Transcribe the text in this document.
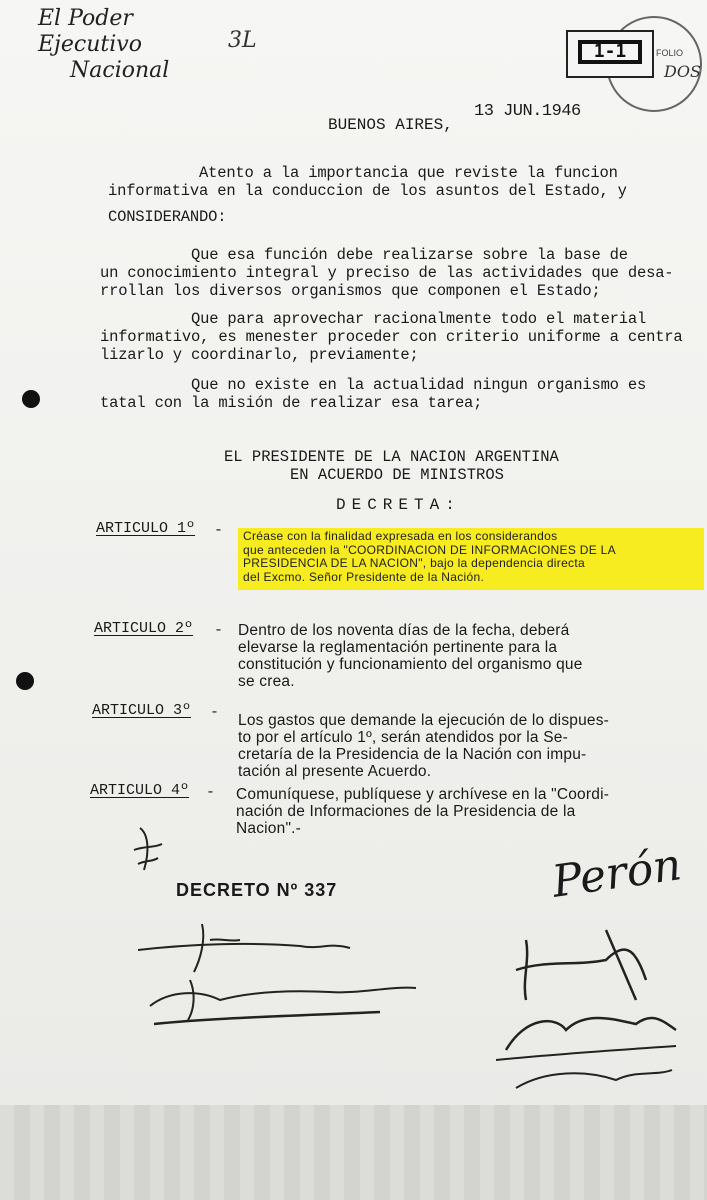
El Poder Ejecutivo
Nacional
3L	1-1	FOLIO
DOS
13 JUN.1946
BUENOS AIRES,
Atento a la importancia que reviste la funcion
informativa en la conduccion de los asuntos del Estado, y
CONSIDERANDO:
Que esa función debe realizarse sobre la base de
un conocimiento integral y preciso de las actividades que desa-
rrollan los diversos organismos que componen el Estado;
Que para aprovechar racionalmente todo el material
informativo, es menester proceder con criterio uniforme a centra
lizarlo y coordinarlo, previamente;
Que no existe en la actualidad ningun organismo es
tatal con la misión de realizar esa tarea;
EL PRESIDENTE DE LA NACION ARGENTINA
EN ACUERDO DE MINISTROS
DECRETA:
ARTICULO 1º - Créase con la finalidad expresada en los considerandos
que anteceden la "COORDINACION DE INFORMACIONES DE LA
PRESIDENCIA DE LA NACION", bajo la dependencia directa
del Excmo. Señor Presidente de la Nación.
ARTICULO 2º - Dentro de los noventa días de la fecha, deberá
elevarse la reglamentación pertinente para la
constitución y funcionamiento del organismo que
se crea.
ARTICULO 3º - Los gastos que demande la ejecución de lo dispues-
to por el artículo 1º, serán atendidos por la Se-
cretaría de la Presidencia de la Nación con impu-
tación al presente Acuerdo.
ARTICULO 4º - Comuníquese, publíquese y archívese en la "Coordi-
nación de Informaciones de la Presidencia de la
Nacion".-
DECRETO Nº 337	Perón
